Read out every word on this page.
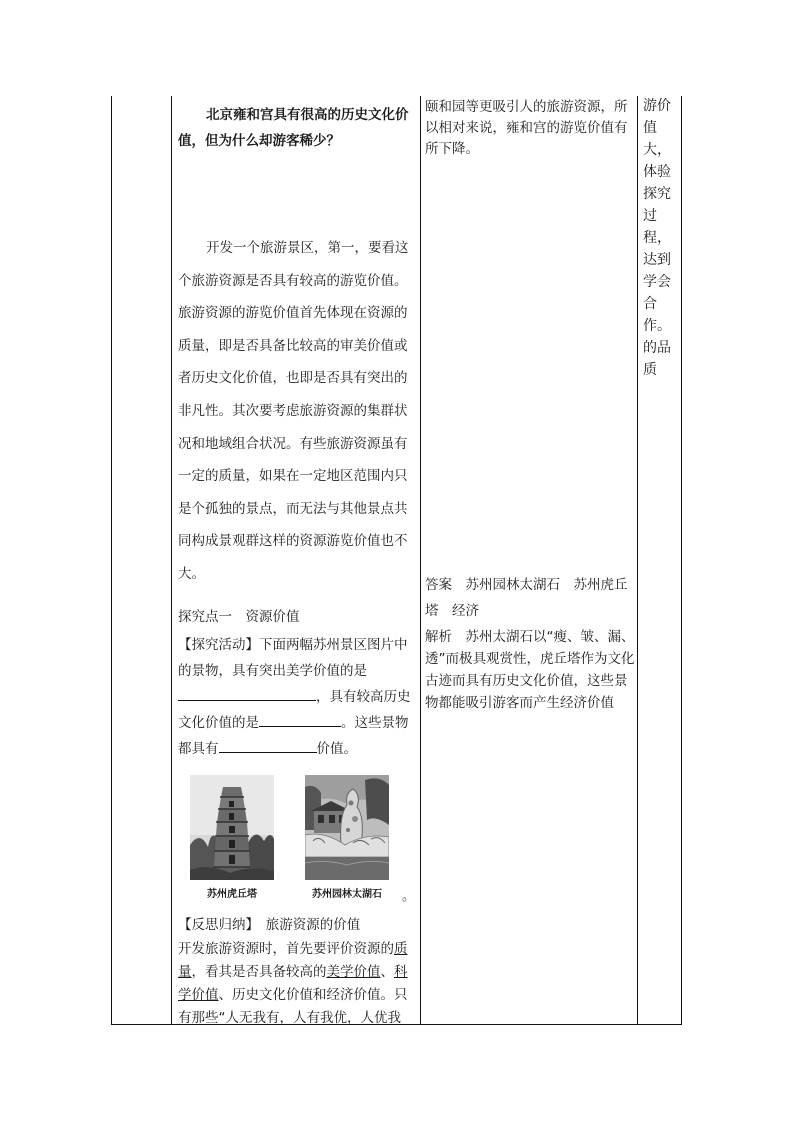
北京雍和宫具有很高的历史文化价值，但为什么却游客稀少？
开发一个旅游景区，第一，要看这个旅游资源是否具有较高的游览价值。旅游资源的游览价值首先体现在资源的质量，即是否具备比较高的审美价值或者历史文化价值，也即是否具有突出的非凡性。其次要考虑旅游资源的集群状况和地域组合状况。有些旅游资源虽有一定的质量，如果在一定地区范围内只是个孤独的景点，而无法与其他景点共同构成景观群这样的资源游览价值也不大。
探究点一　资源价值
【探究活动】下面两幅苏州景区图片中的景物，具有突出美学价值的是，具有较高历史文化价值的是	。这些景物都具有	价值。
苏州虎丘塔	苏州园林太湖石	。
【反思归纳】　 旅游资源的价值
开发旅游资源时，首先要评价资源的质量，看其是否具备较高的美学价值、科学价值、历史文化价值和经济价值。只有那些“人无我有，人有我优，人优我
颐和园等更吸引人的旅游资源，所以相对来说，雍和宫的游览价值有所下降。
答案　 苏州园林太湖石　苏州虎丘塔　经济
解析　 苏州太湖石以“瘦、皱、漏、透”而极具观赏性，虎丘塔作为文化古迹而具有历史文化价值，这些景物都能吸引游客而产生经济价值
游价值大，体验探究过程，达到学会合作。的品质
